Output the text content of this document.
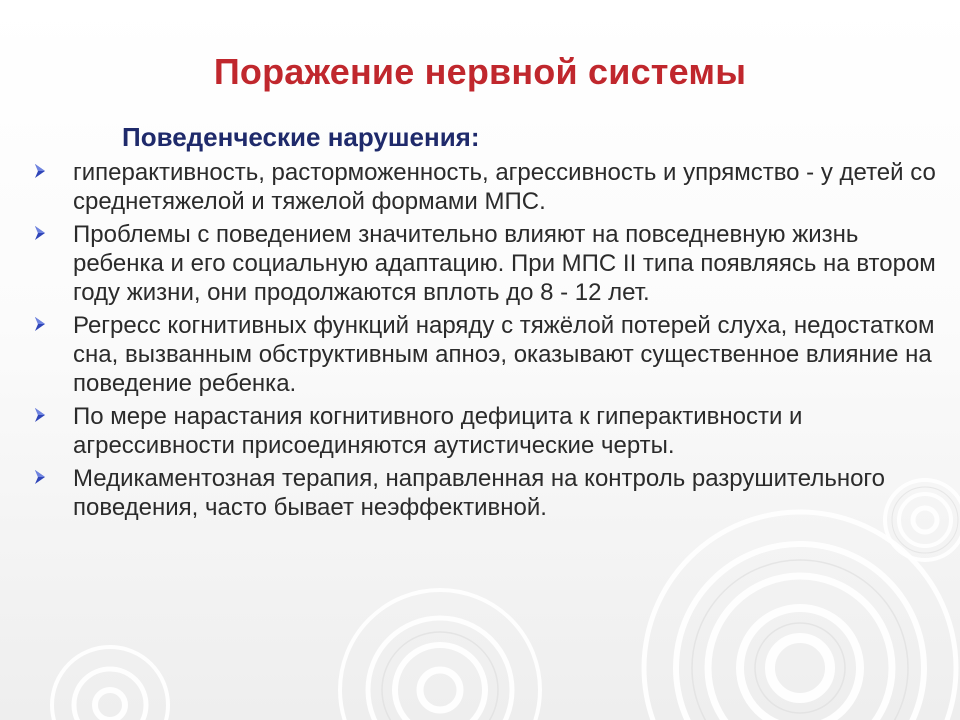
Поражение нервной системы
Поведенческие нарушения:
гиперактивность, расторможенность, агрессивность и упрямство - у детей со среднетяжелой и тяжелой формами МПС.
Проблемы с поведением значительно влияют на повседневную жизнь ребенка и его социальную адаптацию. При МПС II типа появляясь на втором году жизни, они продолжаются вплоть до 8 - 12 лет.
Регресс когнитивных функций наряду с тяжёлой потерей слуха, недостатком сна, вызванным обструктивным апноэ, оказывают существенное влияние на поведение ребенка.
По мере нарастания когнитивного дефицита к гиперактивности и агрессивности присоединяются аутистические черты.
Медикаментозная терапия, направленная на контроль разрушительного поведения, часто бывает неэффективной.
